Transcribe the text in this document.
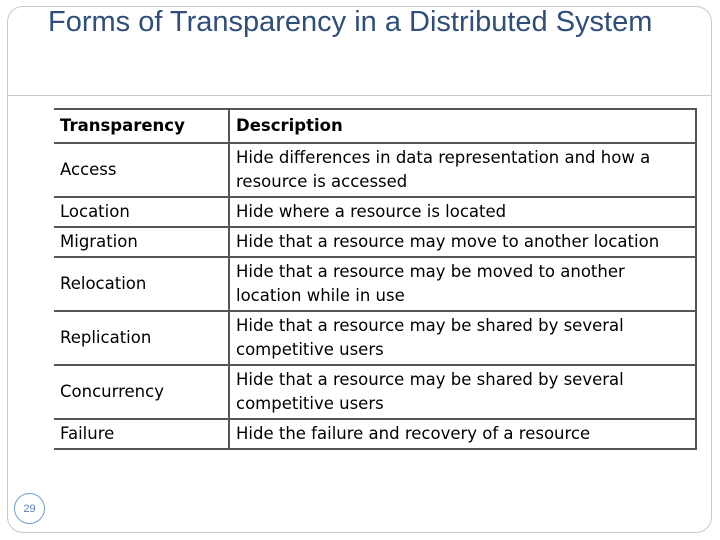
Forms of Transparency in a Distributed System
Transparency	Description
Access	Hide differences in data representation and how a resource is accessed
Location	Hide where a resource is located
Migration	Hide that a resource may move to another location
Relocation	Hide that a resource may be moved to another location while in use
Replication	Hide that a resource may be shared by several competitive users
Concurrency	Hide that a resource may be shared by several competitive users
Failure	Hide the failure and recovery of a resource
29
